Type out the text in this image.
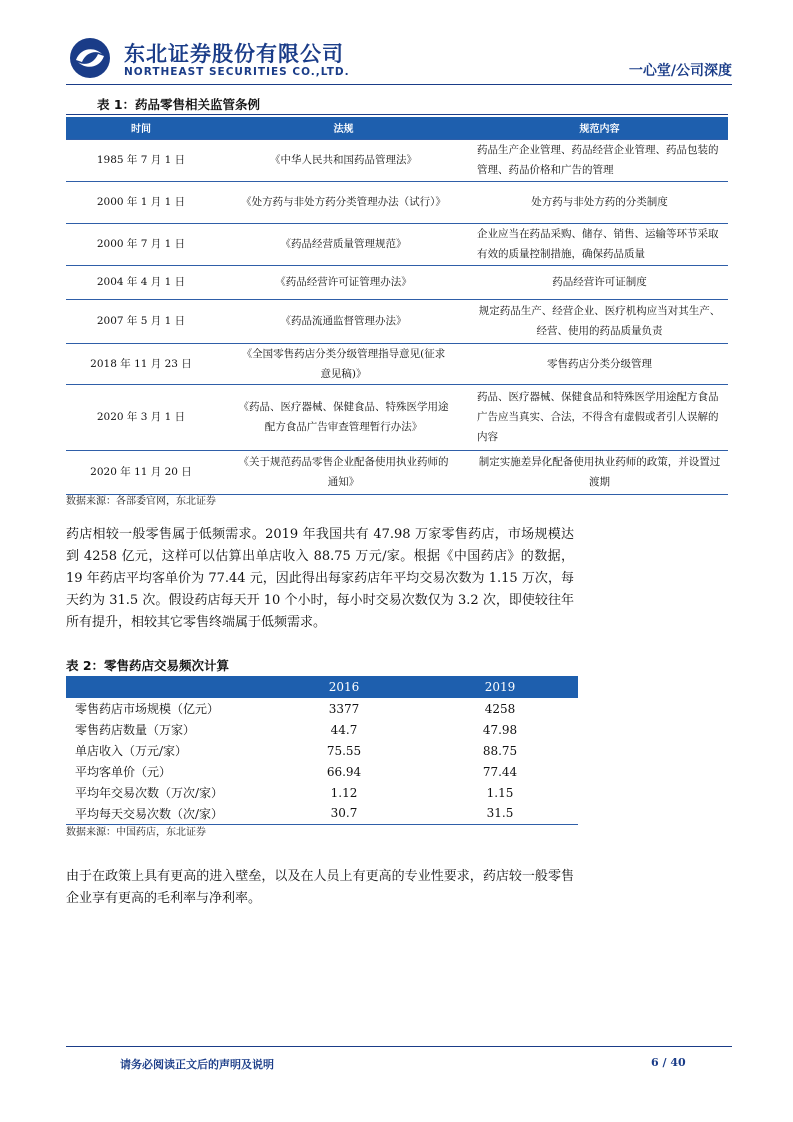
东北证券股份有限公司
NORTHEAST SECURITIES CO.,LTD.	一心堂/公司深度
表 1：药品零售相关监管条例
时间	法规	规范内容
1985 年 7 月 1 日	《中华人民共和国药品管理法》	药品生产企业管理、药品经营企业管理、药品包装的管理、药品价格和广告的管理
2000 年 1 月 1 日	《处方药与非处方药分类管理办法（试行）》	处方药与非处方药的分类制度
2000 年 7 月 1 日	《药品经营质量管理规范》	企业应当在药品采购、储存、销售、运输等环节采取有效的质量控制措施，确保药品质量
2004 年 4 月 1 日	《药品经营许可证管理办法》	药品经营许可证制度
2007 年 5 月 1 日	《药品流通监督管理办法》	规定药品生产、经营企业、医疗机构应当对其生产、经营、使用的药品质量负责
2018 年 11 月 23 日	《全国零售药店分类分级管理指导意见(征求意见稿)》	零售药店分类分级管理
2020 年 3 月 1 日	《药品、医疗器械、保健食品、特殊医学用途配方食品广告审查管理暂行办法》	药品、医疗器械、保健食品和特殊医学用途配方食品广告应当真实、合法，不得含有虚假或者引人误解的内容
2020 年 11 月 20 日	《关于规范药品零售企业配备使用执业药师的通知》	制定实施差异化配备使用执业药师的政策，并设置过渡期
数据来源：各部委官网，东北证券

药店相较一般零售属于低频需求。2019 年我国共有 47.98 万家零售药店，市场规模达到 4258 亿元，这样可以估算出单店收入 88.75 万元/家。根据《中国药店》的数据，19 年药店平均客单价为 77.44 元，因此得出每家药店年平均交易次数为 1.15 万次，每天约为 31.5 次。假设药店每天开 10 个小时，每小时交易次数仅为 3.2 次，即使较往年所有提升，相较其它零售终端属于低频需求。

表 2：零售药店交易频次计算
	2016	2019
零售药店市场规模（亿元）	3377	4258
零售药店数量（万家）	44.7	47.98
单店收入（万元/家）	75.55	88.75
平均客单价（元）	66.94	77.44
平均年交易次数（万次/家）	1.12	1.15
平均每天交易次数（次/家）	30.7	31.5
数据来源：中国药店，东北证券

由于在政策上具有更高的进入壁垒，以及在人员上有更高的专业性要求，药店较一般零售企业享有更高的毛利率与净利率。

请务必阅读正文后的声明及说明	6 / 40
